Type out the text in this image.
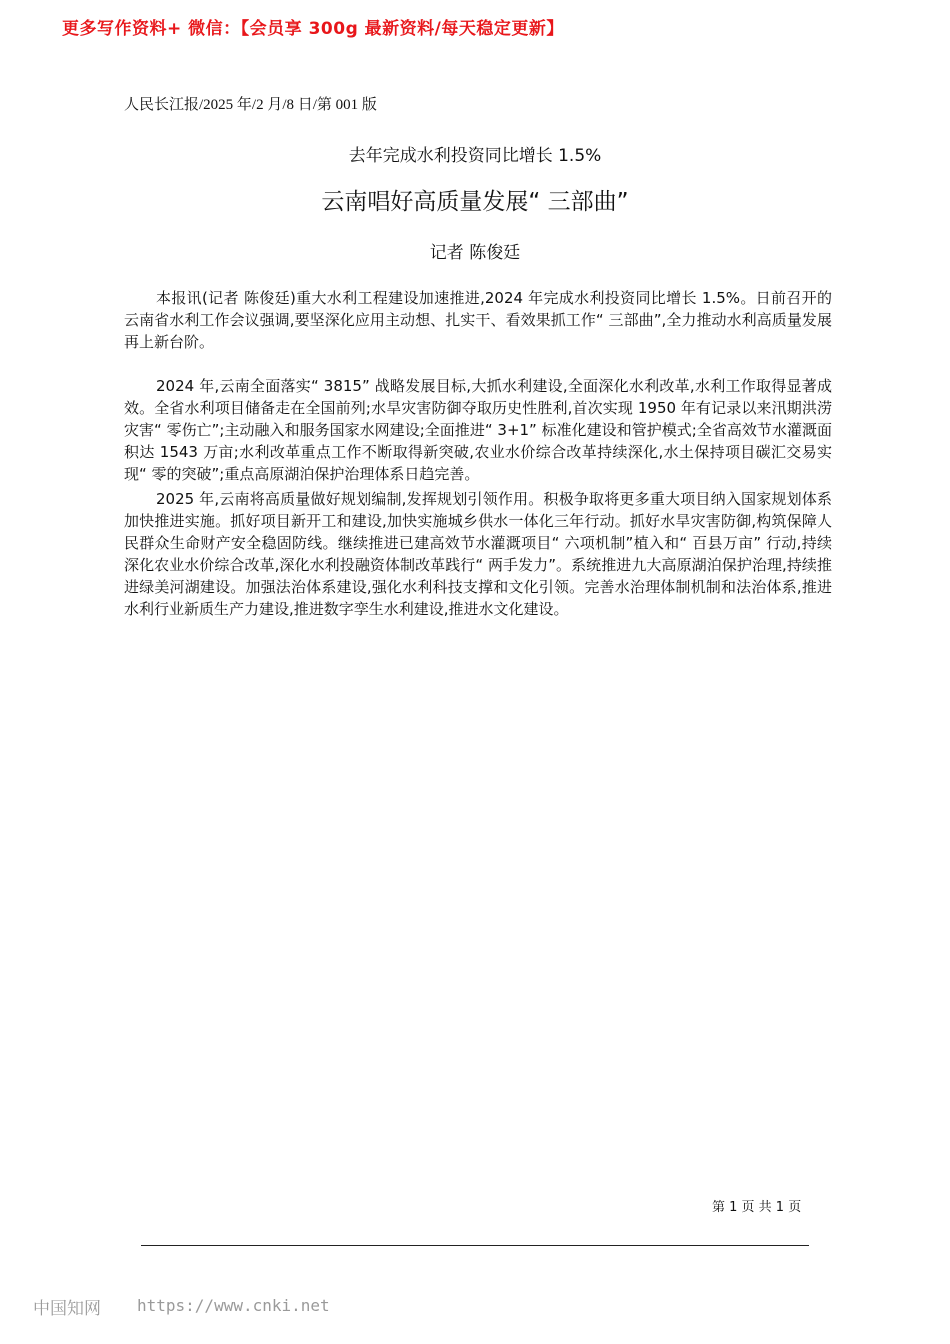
更多写作资料+ 微信：【会员享 300g 最新资料/每天稳定更新】
人民长江报/2025 年/2 月/8 日/第 001 版
去年完成水利投资同比增长 1.5%
云南唱好高质量发展“ 三部曲”
记者 陈俊廷

本报讯(记者 陈俊廷)重大水利工程建设加速推进,2024 年完成水利投资同比增长 1.5%。日前召开的云南省水利工作会议强调,要坚深化应用主动想、扎实干、看效果抓工作“ 三部曲”,全力推动水利高质量发展再上新台阶。

2024 年,云南全面落实“ 3815” 战略发展目标,大抓水利建设,全面深化水利改革,水利工作取得显著成效。全省水利项目储备走在全国前列;水旱灾害防御夺取历史性胜利,首次实现 1950 年有记录以来汛期洪涝灾害“ 零伤亡”;主动融入和服务国家水网建设;全面推进“ 3+1” 标准化建设和管护模式;全省高效节水灌溉面积达 1543 万亩;水利改革重点工作不断取得新突破,农业水价综合改革持续深化,水土保持项目碳汇交易实现“ 零的突破”;重点高原湖泊保护治理体系日趋完善。

2025 年,云南将高质量做好规划编制,发挥规划引领作用。积极争取将更多重大项目纳入国家规划体系加快推进实施。抓好项目新开工和建设,加快实施城乡供水一体化三年行动。抓好水旱灾害防御,构筑保障人民群众生命财产安全稳固防线。继续推进已建高效节水灌溉项目“ 六项机制”植入和“ 百县万亩” 行动,持续深化农业水价综合改革,深化水利投融资体制改革践行“ 两手发力”。系统推进九大高原湖泊保护治理,持续推进绿美河湖建设。加强法治体系建设,强化水利科技支撑和文化引领。完善水治理体制机制和法治体系,推进水利行业新质生产力建设,推进数字孪生水利建设,推进水文化建设。

第 1 页 共 1 页
中国知网 https://www.cnki.net
